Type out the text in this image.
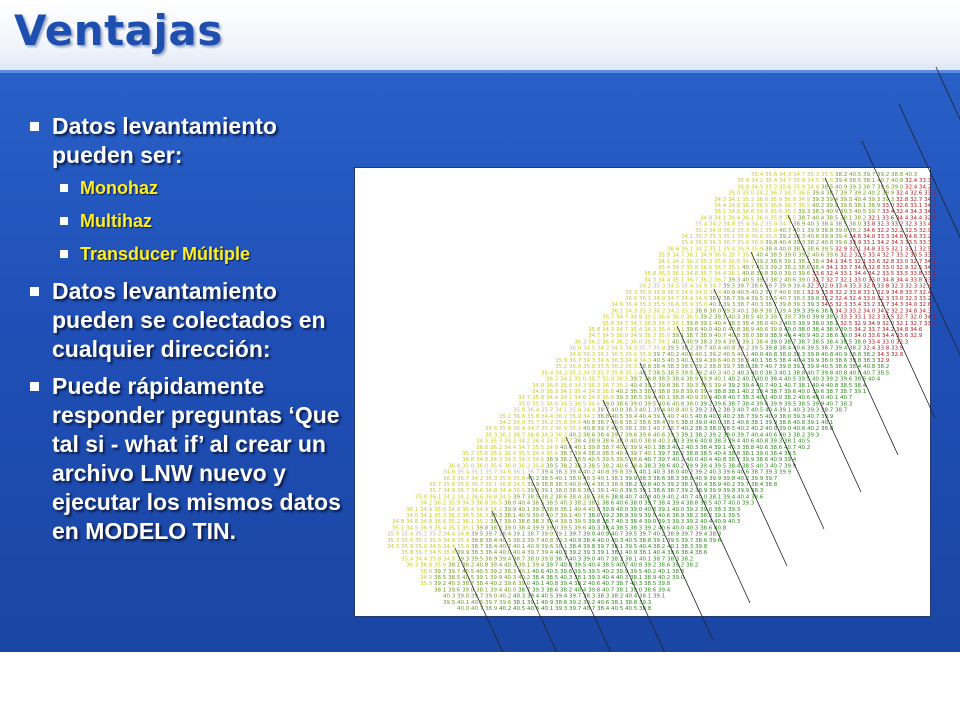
Ventajas
Datos levantamiento pueden ser:
Monohaz
Multihaz
Transducer Múltiple
Datos levantamiento pueden se colectados en cualquier dirección:
Puede rápidamente responder preguntas ‘Que tal si - what if’ al crear un archivo LNW nuevo y ejecutar los mismos datos en MODELO TIN.
35.4 35.6 34.3 34.7 35.3 35.5 38.2 40.5 39.7 39.2 38.8 40.3
35.9 34.2 35.4 34.7 35.9 34.5 35.6 39.4 38.5 38.1 40.7 40.8 32.4 33.3
36.8 34.5 35.2 35.6 35.9 34.8 38.5 40.9 39.3 38.7	39.0 32.4 34.2
35.0 35.0 34.2 36.7 34.7 36.6 39.4	39.7 39.2 40.2 39.9 32.4 32.6 33.3
34.3 34.1 35.2 36.0 35.9 36.8 34.9 39.3 39.4 39.3 40.4 39.3 39.3 32.8 32.7 34.2
34.4 34.8 36.2 36.5 36.8 36.7 36.5 40.2 39.9 39.6 38.1 38.9 33.0 32.6 33.1 34.0
36.1 34.8 36.8 34.0 35.0 35.7 39.3 38.3 40.9 39.3 40.5 39.7 33.4 32.4 34.3 34.6
34.8 34.1 34.4 36.1 36.0 35.9 36.5 38.7 40.4 38.5 38.1 38.2 32.1 33.6 34.4 34.4 32.4
35.4 34.2 34.8 35.4 34.2 35.0 34.7 38.9 40.3 38.4 38.5 38.0 33.8 32.3 33.2 32.3 33.4
35.2 34.0 36.2 35.3 36.1 35.0 40.7 40.1 39.9 38.8 39.0 38.2 34.6 32.2 32.2 32.5 32.9
34.1 35.7 35.3 35.1 35.6 36.6 35.5 39.2 38.3 40.6 39.9 39.4 34.6 34.0 33.3 34.8 34.6 33.2
35.4 36.0 36.3 36.7 35.6 36.9 39.8 40.4 39.3 38.2 40.8 39.6	33.1 34.2 34.3 33.5 33.3
36.6 36.1 34.2 35.1 35.4 36.9 35.9 38.4 40.0 38.5 38.6 39.5 32.9 32.1 34.8 33.5 32.1 33.1 32.5
35.9 34.7 36.1 34.9 36.6 35.7 35.1 40.4 38.5 39.0 39.2 40.6 39.6 32.2 32.5 33.4 32.7 33.2 33.5 33.0
34.1 34.2 36.2 35.3 35.6 36.6 34.3 39.2 38.6 39.1 38.1 38.4 34.1 34.5 32.1 33.6 32.8 33.0 32.7 34.1
35.4 34.7 35.8 36.6 36.7 35.1 40.7 40.3 39.2 38.2 38.6 38.4 34.1 33.7 34.8 32.8 33.0 32.9 32.5 34.7
35.8 36.3 36.1 34.8 35.7 34.4 36.1 40.8 39.8 39.0 39.0 39.6 33.6 32.4 33.1 34.4 34.2 33.5 33.5 33.8 33.1
34.3 34.4 35.1 36.7 36.2 36.7 39.3 40.5 39.3 38.2 40.6 39.0	32.7 32.1 33.0 33.0 34.8 34.4 33.8 33.6
34.2 35.3 34.5 35.4 34.9 34.7 39.5 39.7 38.6 39.7 39.9 39.4 32.3 32.0 33.4 33.3 32.0 33.8 32.3 32.3 32.9
35.3 35.9 36.8 36.5 34.5 34.0 36.4 40.9 40.5 40.2 39.7 40.6 38.1 32.9 33.8 32.2 33.8 33.1 32.9 34.8 33.7 32.4
36.0 36.1 34.0 34.7 34.4 34.9 38.2 38.7 39.4 39.5 39.5 40.7 38.3 39.0 32.2 32.4 32.4 33.0 32.3 33.0 32.3 33.2
34.9 36.4 35.3 35.5 36.6 35.9 35.0 40.1 39.3 38.7 40.3 38.7 39.8 39.3 39.3 34.5 32.3 33.4 33.2	34.3 34.0 32.6
36.1 34.3 35.3 36.2 34.2 35.2 38.8 38.0 39.3 40.1 38.9 38.1 39.4 39.3 39.6 38.0 34.3 33.2 34.0 34.2 32.2 34.8 34.3
36.7 34.7 34.9 35.1 36.6 36.0 36.5 39.2 39.1 40.3 38.5 40.3 39.7 39.7 39.0 39.8 38.3 33.3 33.1 32.3 33.5 32.7 32.0 34.8
35.8 34.7 34.7 36.8 34.7 36.1 39.8 39.1 40.4 38.3 38.4 38.0 40.2 40.5 39.9 38.0 38.1 32.5 32.9 34.9 32.0 32.1 32.7 33.6
35.8 34.3 34.7 35.4 34.3 35.4 34.1 39.6 40.0 40.0 40.8 38.9 40.6 39.9 40.0 38.0 38.4 38.9 39.5 34.2 33.7 34.2 34.8 34.6
34.7 34.5 36.0 34.9 36.3 35.0 39.1 38.7 38.9 40.7 40.8 38.0 38.9 38.9 40.4 40.9 40.2 38.6 39.0 34.0 33.6 34.4 33.6 32.9
36.3 36.2 36.4 36.2 36.0 35.7 34.1 40.3 40.9 38.3 39.4 39.3 39.1 38.4 39.0 38.7 38.7 38.5 38.4	38.8 33.4 33.0 32.3
36.0 34.5 34.2 34.5 34.3 35.7 35.0 39.5	39.7 40.4 40.8 39.2 39.5 39.8 38.4 40.6 39.5 38.7 39.4 38.2 32.4 33.8 33.9
34.6 36.3 36.1 36.5 35.0 35.9 39.7 40.2 40.6 40.1 39.2 40.5 40.1 40.0 40.8 38.0 38.3 39.8 40.8 40.9 38.8 38.2 34.3 32.8
35.9 36.7 34.3 34.6 36.3 34.4 34.3 40.5 40.3 40.3 39.4 39.6 40.0 38.3 40.1 38.5 38.4 40.4 39.9 38.0 38.6	38.3 32.9
35.2 36.6 35.6 35.5 36.2 35.0 38.8 38.4 38.3 38.5 39.2 38.8 39.7 38.0 38.7 40.7 39.0 39.2 39.9 40.5 38.6 38.4 40.8 38.2
36.4 34.2 35.2 34.3 35.7 35.9 35.2	38.5 38.5 39.5 39.2 40.3 40.2 40.3 40.0 38.3 40.1 38.8 40.7 39.8 40.8 40.0 40.7 38.5
36.2 34.1 35.0 35.7 35.0 36.5 39.7 38.8 38.5 38.4 38.9 39.9 40.1 40.2 40.1 40.0 38.4 40.5 39.5 40.3 39.2 39.6 38.5 40.4
34.8 36.0 35.6 34.3 36.3 36.7 35.2 40.4	39.8 38.7 39.3 38.5 39.4 39.2 39.4 40.7 40.1 40.7 38.1 40.4 40.8 38.5 38.4
34.0 36.3 34.1 35.4 34.8 36.8 40.2 38.3 38.9 38.8 39.8 39.6 39.4 38.8 38.1 40.2 39.4 38.7 39.6 40.0 39.6 38.7 38.7 39.1
34.7 35.8 34.4 34.1 34.6 34.8 36.8 39.3 38.5 39.4 40.1 38.8 40.9 39.4 40.8 40.7 38.3 40.1 40.0 38.2 40.6	40.1 40.7
35.0 35.5 34.6 34.3 36.5 34.6 39.0 38.6 39.0 39.5 40.6 40.8 38.0 39.2 39.6 38.7 38.4 39.4 39.9 39.5 38.5 39.9 40.7 38.3
35.8 36.4 35.7 34.1 35.8 34.4 38.7 40.0 38.3 40.1 39.4 40.8 40.5 39.2 38.2 38.3 40.7 40.5 40.4 39.1 40.3 39.3 38.7 38.7
35.2 36.6 35.8 34.4 36.2 35.0 34.1 38.8 40.5 39.4 40.4 39.7 40.7 40.5 40.6 40.3 40.2 38.7 39.5 40.9 38.0 39.3 40.7 39.9
34.2 34.0 35.7 36.2 35.8 34.5 40.8 38.7 40.6 38.2 38.6 38.4 39.5 38.0 39.0 40.0 38.1 40.6 38.1 39.9 38.6 40.8 39.1 40.1
36.6 35.6 36.4 34.7 35.7 36.9 35.2 40.8 39.7 40.5 38.1 38.1 40.7 38.7 40.2 38.3 38.0 38.5 40.2 40.2 40.0 39.0 40.6 40.2 38.8
36.3 36.1 36.7 36.8 34.3 36.2 40.2 38.6 38.4 39.7 39.6 39.6 40.6	39.1 38.2 39.2 38.0 39.7 40.4 40.6 40.3 38.2 39.3
34.5 35.7 34.3 34.2 36.4 34.7 36.7 38.4 38.9 38.6	40.0 38.8 40.3 40.3 39.6 40.8 38.3 39.4 40.6 40.8 39.3 38.1 40.5
36.6 36.2 34.4 34.7 35.5 34.8 40.6 40.1 39.8 38.7 40.2 39.9 40.1 38.3 40.2 40.3 38.4 39.1 40.3 38.8 40.6 38.6 40.7 40.2
35.2 35.6 35.1 36.4 35.5 34.4 36.6 38.7 39.4 38.0 38.5 40.4 39.7 40.1 39.7 38.2 38.8 38.5 40.4 38.8 38.1 39.0 38.4 39.5
36.8 34.8 34.3 34.5 34.3 34.6 38.9 38.2 38.5 40.5 39.5 39.5 38.6 40.7 39.7 40.2 40.0 40.4 40.8 38.7 39.9 38.6 40.9 39.4
36.8 35.0 36.0 35.6 36.0 36.2 35.4 39.5 38.2 38.3 38.5 38.2 40.6 38.4 38.3 38.6 40.2 39.9 39.4 39.5 38.4 38.5 40.3 40.7 39.9
34.0 35.4 35.1 35.7 34.6 36.1 36.7 39.4 38.3 39.4 40.2 40.8 39.8 39.4 40.1 40.3 38.0 40.2 39.2 40.3 39.6 40.6 38.7 39.3 39.9
36.3 36.7 34.2 36.3 35.0 35.8 40.2 38.5 40.1 38.0 40.3 40.1 38.1 39.9 38.3 38.6 38.3 38.8 40.9 39.9 39.8 40.2 39.9 39.7
36.7 35.6 35.6 36.7 36.1 36.8 34.5 39.9 38.8 38.3 40.0 40.4 38.3 38.9 38.2 39.8 40.5 39.2 38.1 40.4 38.9 40.2 39.7 38.4 38.8
35.7 34.9 36.7 34.6 34.8 34.4 36.5 39.3 39.1 38.0 38.6 38.1 38.1 40.8 39.5	38.6 38.7 39.2 38.9 39.9 39.8 39.9 38.3
35.0 36.1 34.2 34.2 36.6 36.8 34.5 39.7 38.5 38.2 38.6 38.4 38.5 38.6 38.8 40.7 40.8 40.9 40.2 40.7 40.0 38.1 39.4 40.4 38.6
34.2 36.2 35.9 34.3 36.8 36.5 38.0 40.4 38.5 38.5 40.3 38.2 38.1 38.6 40.6 38.0	38.4 39.4 38.8 38.5 40.7 40.0 39.3
36.1 34.9 35.0 34.9 35.4 34.9 34.2 39.9 40.1 39.3 38.8 38.1 40.4 40.0 39.8 40.0 39.0 40.8 39.1 40.0 39.2 39.0 38.3 39.3
34.0 34.1 35.3 36.3 36.5 36.3 38.3 38.1 40.9 39.0 40.7 39.1 40.7 38.0 39.2 38.9 39.9 39.5 40.6 38.9 38.2 38.2 39.1 39.5
34.8 34.8 34.8 36.6 35.2 36.1 35.2 38.7 39.0 38.6 38.3 39.4 39.9 39.5 39.8 38.7 40.3 38.4 39.0 39.3 39.3 39.2 40.4 40.9 40.3
35.1 34.5 36.9 35.4 35.1 35.1 39.8 38.2 39.0 38.4 39.9 39.0 39.5 39.6 40.3	38.5 38.3 39.2 40.6 40.0 40.3 38.6 40.8
35.9 35.4 35.1 35.2 34.4 34.8 39.5 39.7 38.4 39.1 38.7 39.0 39.1 39.7 39.0 40.9 40.7 39.5 39.7 40.2 38.9 39.7 39.4 38.3
35.3 35.5 35.1 35.5 34.8 35.4 38.8 38.4 40.5 38.3 39.7 40.8 39.3 40.9 38.4 40.0 40.3 40.5 38.8 39.1 39.5 39.7 38.6 39.6
34.3 35.9 35.0 34.5 34.4 35.0 38.7 38.4 40.7 40.1 40.9 39.6 38.1 38.4 39.8 39.7 38.1 39.5 40.4 38.2 40.1 38.3 39.8
35.8 36.7 34.5 35.8 39.9 38.3 38.4 40.0 40.4 39.7 39.4 40.3 39.2 39.3 39.1 38.1 40.9 38.1 40.4	38.4 38.6
35.4 34.4 35.8 34.8 39.3 39.5 38.9 39.4 38.7 38.0 39.8 38.7 40.3 39.0 40.7 38.2 38.1 40.1 38.7 38.3 38.2
36.3 36.8 35.0 38.1 38.2 40.8 39.4 40.3 39.1 39.4 39.7 40.8 39.5 40.4 38.5 40.7 40.8 39.2 38.6 39.2 38.2
36.0 39.7 39.7 40.5 40.5 39.2 38.3 40.1 40.6 40.5 39.6 39.5 39.5 40.2 39.9 39.5 40.2 40.1 38.8
34.0 38.5 38.5 40.5 39.1 39.9 40.3 40.2 38.4 38.5 40.3 38.1 39.3 40.4 40.3 38.1 38.9 40.2 39.0
35.9 39.2 40.3 38.7 38.4 40.2 39.6 39.0 40.1 40.8 39.4 38.2 40.6 40.7 38.7 40.3 38.5 39.8
38.1 39.6 39.8 38.1 39.4 40.0 38.7 39.3 38.6 38.2 40.4 39.8 40.7 38.1	38.6 39.4
40.3 39.0	39.0 40.2 40.3 39.4 40.5 39.4 39.7 38.3 38.3 38.2 40.4 38.1 39.1
39.5 40.1 40.5 39.7 39.6 38.1 39.1 40.9 38.6 39.2 39.2 40.6 38.1 38.8 39.3
40.0 40.7 38.9 40.2 40.5 40.6 40.1 39.3 39.7 40.7 38.4 40.5 40.5
